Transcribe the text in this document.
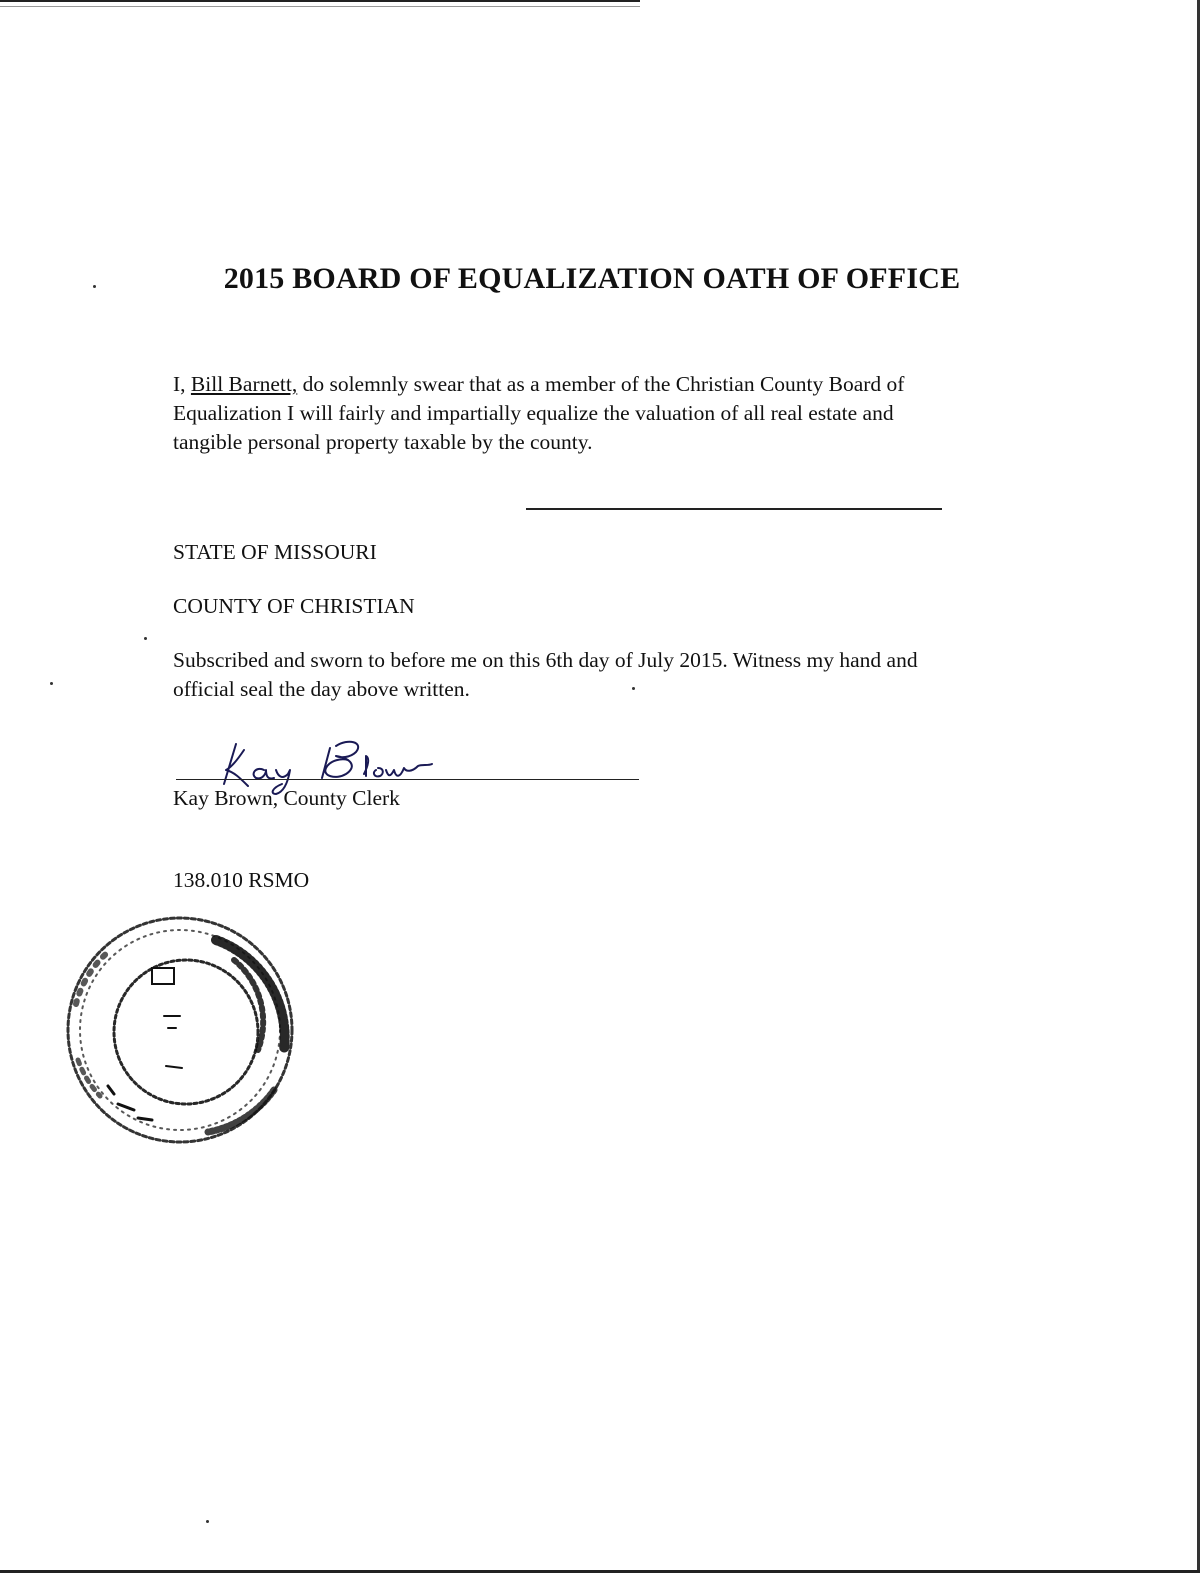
2015 BOARD OF EQUALIZATION OATH OF OFFICE
I, Bill Barnett, do solemnly swear that as a member of the Christian County Board of
Equalization I will fairly and impartially equalize the valuation of all real estate and
tangible personal property taxable by the county.
STATE OF MISSOURI
COUNTY OF CHRISTIAN
Subscribed and sworn to before me on this 6th day of July 2015. Witness my hand and
official seal the day above written.
Kay Brown, County Clerk
138.010 RSMO
